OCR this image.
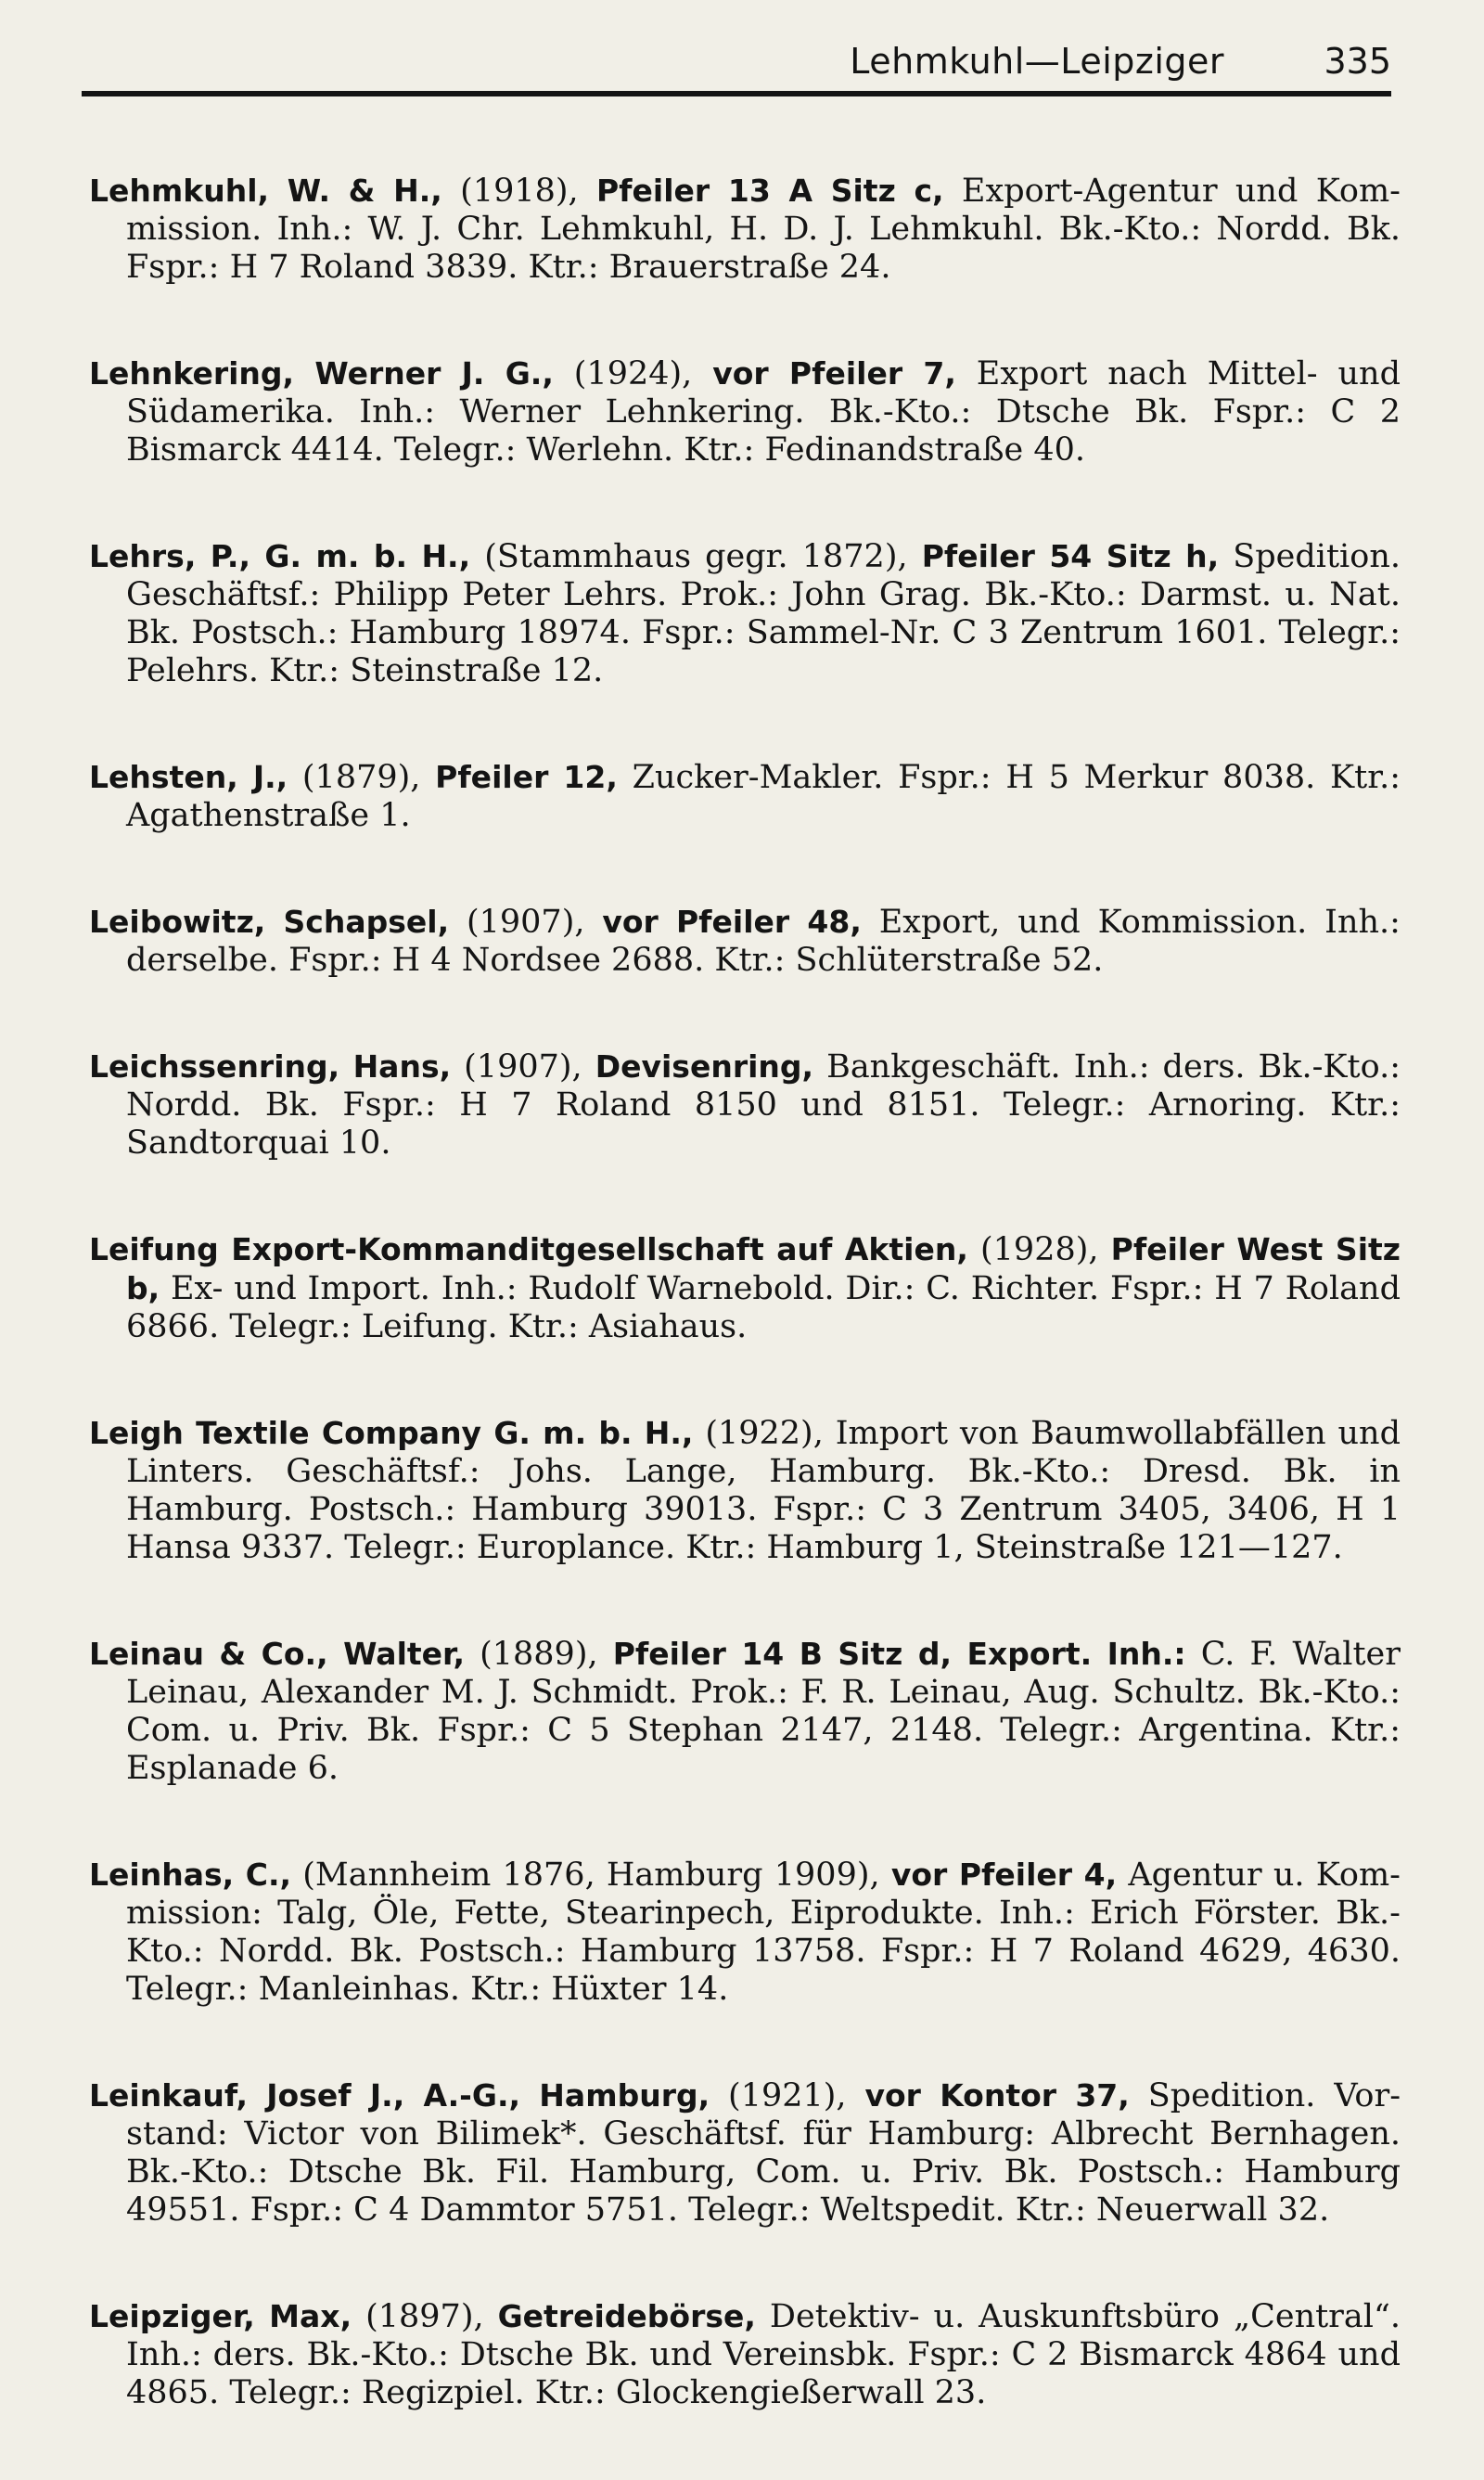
Lehmkuhl—Leipziger	335

Lehmkuhl, W. & H., (1918), Pfeiler 13 A Sitz c, Export-Agentur und Kommission. Inh.: W. J. Chr. Lehmkuhl, H. D. J. Lehmkuhl. Bk.-Kto.: Nordd. Bk. Fspr.: H 7 Roland 3839. Ktr.: Brauerstraße 24.

Lehnkering, Werner J. G., (1924), vor Pfeiler 7, Export nach Mittel- und Südamerika. Inh.: Werner Lehnkering. Bk.-Kto.: Dtsche Bk. Fspr.: C 2 Bismarck 4414. Telegr.: Werlehn. Ktr.: Fedinandstraße 40.

Lehrs, P., G. m. b. H., (Stammhaus gegr. 1872), Pfeiler 54 Sitz h, Spedition. Geschäftsf.: Philipp Peter Lehrs. Prok.: John Grag. Bk.-Kto.: Darmst. u. Nat. Bk. Postsch.: Hamburg 18974. Fspr.: Sammel-Nr. C 3 Zentrum 1601. Telegr.: Pelehrs. Ktr.: Steinstraße 12.

Lehsten, J., (1879), Pfeiler 12, Zucker-Makler. Fspr.: H 5 Merkur 8038. Ktr.: Agathenstraße 1.

Leibowitz, Schapsel, (1907), vor Pfeiler 48, Export, und Kommission. Inh.: derselbe. Fspr.: H 4 Nordsee 2688. Ktr.: Schlüterstraße 52.

Leichssenring, Hans, (1907), Devisenring, Bankgeschäft. Inh.: ders. Bk.-Kto.: Nordd. Bk. Fspr.: H 7 Roland 8150 und 8151. Telegr.: Arnoring. Ktr.: Sandtorquai 10.

Leifung Export-Kommanditgesellschaft auf Aktien, (1928), Pfeiler West Sitz b, Ex- und Import. Inh.: Rudolf Warnebold. Dir.: C. Richter. Fspr.: H 7 Roland 6866. Telegr.: Leifung. Ktr.: Asiahaus.

Leigh Textile Company G. m. b. H., (1922), Import von Baumwollabfällen und Linters. Geschäftsf.: Johs. Lange, Hamburg. Bk.-Kto.: Dresd. Bk. in Hamburg. Postsch.: Hamburg 39013. Fspr.: C 3 Zentrum 3405, 3406, H 1 Hansa 9337. Telegr.: Europlance. Ktr.: Hamburg 1, Steinstraße 121—127.

Leinau & Co., Walter, (1889), Pfeiler 14 B Sitz d, Export. Inh.: C. F. Walter Leinau, Alexander M. J. Schmidt. Prok.: F. R. Leinau, Aug. Schultz. Bk.-Kto.: Com. u. Priv. Bk. Fspr.: C 5 Stephan 2147, 2148. Telegr.: Argentina. Ktr.: Esplanade 6.

Leinhas, C., (Mannheim 1876, Hamburg 1909), vor Pfeiler 4, Agentur u. Kommission: Talg, Öle, Fette, Stearinpech, Eiprodukte. Inh.: Erich Förster. Bk.-Kto.: Nordd. Bk. Postsch.: Hamburg 13758. Fspr.: H 7 Roland 4629, 4630. Telegr.: Manleinhas. Ktr.: Hüxter 14.

Leinkauf, Josef J., A.-G., Hamburg, (1921), vor Kontor 37, Spedition. Vorstand: Victor von Bilimek*. Geschäftsf. für Hamburg: Albrecht Bernhagen. Bk.-Kto.: Dtsche Bk. Fil. Hamburg, Com. u. Priv. Bk. Postsch.: Hamburg 49551. Fspr.: C 4 Dammtor 5751. Telegr.: Weltspedit. Ktr.: Neuerwall 32.

Leipziger, Max, (1897), Getreidebörse, Detektiv- u. Auskunftsbüro „Central“. Inh.: ders. Bk.-Kto.: Dtsche Bk. und Vereinsbk. Fspr.: C 2 Bismarck 4864 und 4865. Telegr.: Regizpiel. Ktr.: Glockengießerwall 23.
